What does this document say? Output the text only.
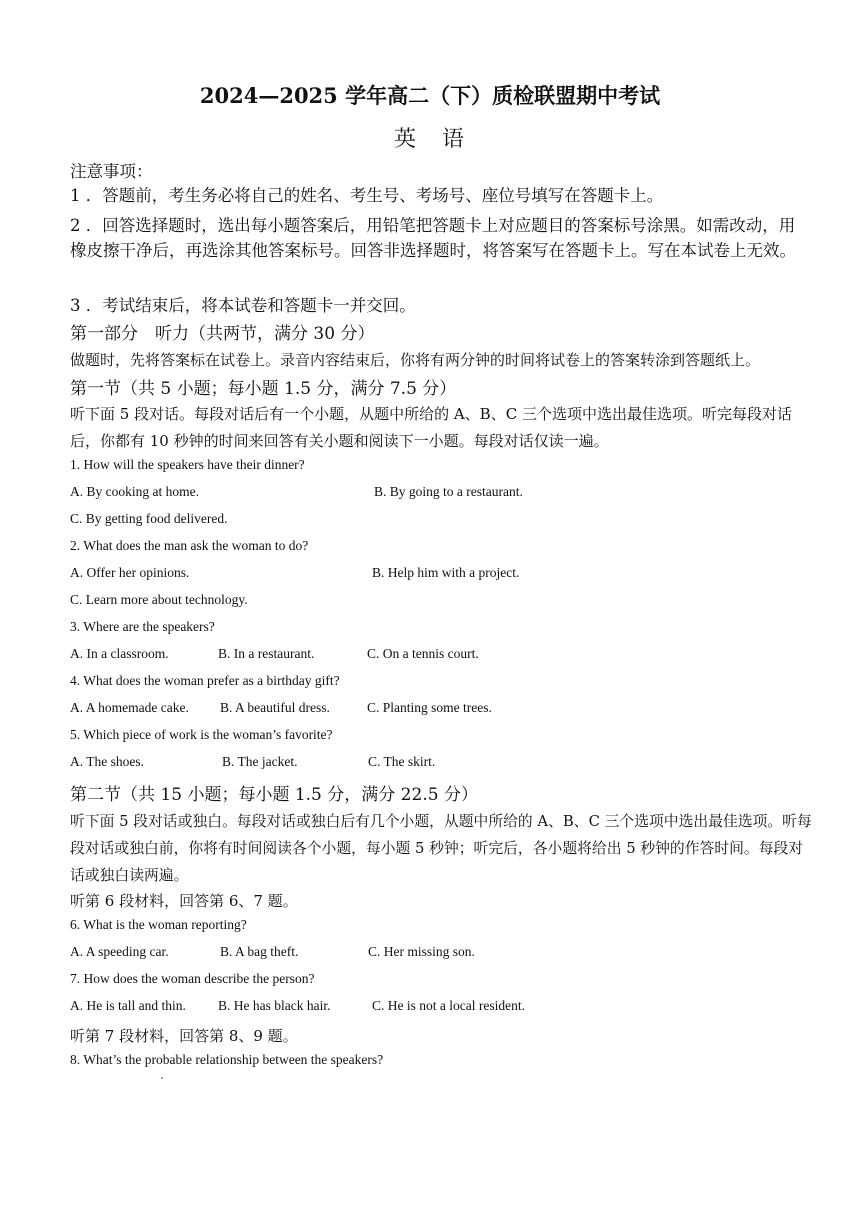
2024—2025 学年高二（下）质检联盟期中考试
英　语
注意事项：
1 ．答题前，考生务必将自己的姓名、考生号、考场号、座位号填写在答题卡上。
2 ．回答选择题时，选出每小题答案后，用铅笔把答题卡上对应题目的答案标号涂黑。如需改动，用橡皮擦干净后，再选涂其他答案标号。回答非选择题时，将答案写在答题卡上。写在本试卷上无效。
3 ．考试结束后，将本试卷和答题卡一并交回。
第一部分　听力（共两节，满分 30 分）
做题时，先将答案标在试卷上。录音内容结束后，你将有两分钟的时间将试卷上的答案转涂到答题纸上。
第一节（共 5 小题；每小题 1.5 分，满分 7.5 分）
听下面 5 段对话。每段对话后有一个小题，从题中所给的 A、B、C 三个选项中选出最佳选项。听完每段对话后，你都有 10 秒钟的时间来回答有关小题和阅读下一小题。每段对话仅读一遍。
1. How will the speakers have their dinner?
A. By cooking at home.	B. By going to a restaurant.
C. By getting food delivered.
2. What does the man ask the woman to do?
A. Offer her opinions.	B. Help him with a project.
C. Learn more about technology.
3. Where are the speakers?
A. In a classroom.	B. In a restaurant.	C. On a tennis court.
4. What does the woman prefer as a birthday gift?
A. A homemade cake. B. A beautiful dress.	C. Planting some trees.
5. Which piece of work is the woman’s favorite?
A. The shoes.	B. The jacket.	C. The skirt.
第二节（共 15 小题；每小题 1.5 分，满分 22.5 分）
听下面 5 段对话或独白。每段对话或独白后有几个小题，从题中所给的 A、B、C 三个选项中选出最佳选项。听每段对话或独白前，你将有时间阅读各个小题，每小题 5 秒钟；听完后，各小题将给出 5 秒钟的作答时间。每段对话或独白读两遍。
听第 6 段材料，回答第 6、7 题。
6. What is the woman reporting?
A. A speeding car.	B. A bag theft.	C. Her missing son.
7. How does the woman describe the person?
A. He is tall and thin. B. He has black hair.	C. He is not a local resident.
听第 7 段材料，回答第 8、9 题。
8. What’s the probable relationship between the speakers?
